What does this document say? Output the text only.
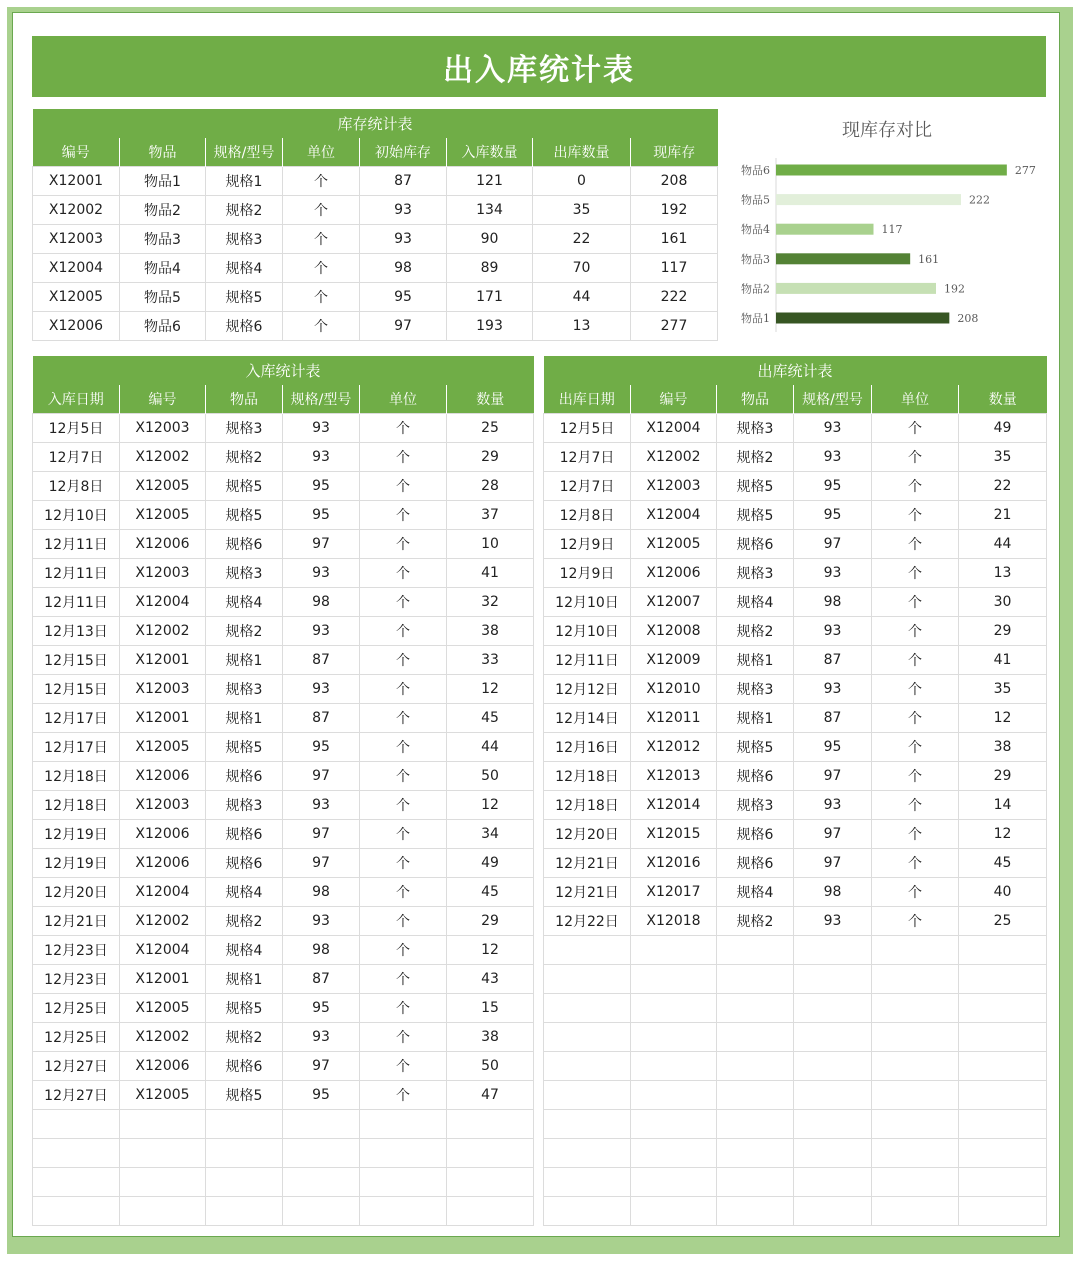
出入库统计表
库存统计表							
编号	物品	规格/型号	单位	初始库存	入库数量	出库数量	现库存
X12001	物品1	规格1	个	87	121	0	208
X12002	物品2	规格2	个	93	134	35	192
X12003	物品3	规格3	个	93	90	22	161
X12004	物品4	规格4	个	98	89	70	117
X12005	物品5	规格5	个	95	171	44	222
X12006	物品6	规格6	个	97	193	13	277
现库存对比
物品6	277
物品5	222
物品4	117
物品3	161
物品2	192
物品1	208
入库统计表					
入库日期	编号	物品	规格/型号	单位	数量
12月5日	X12003	规格3	93	个	25
12月7日	X12002	规格2	93	个	29
12月8日	X12005	规格5	95	个	28
12月10日	X12005	规格5	95	个	37
12月11日	X12006	规格6	97	个	10
12月11日	X12003	规格3	93	个	41
12月11日	X12004	规格4	98	个	32
12月13日	X12002	规格2	93	个	38
12月15日	X12001	规格1	87	个	33
12月15日	X12003	规格3	93	个	12
12月17日	X12001	规格1	87	个	45
12月17日	X12005	规格5	95	个	44
12月18日	X12006	规格6	97	个	50
12月18日	X12003	规格3	93	个	12
12月19日	X12006	规格6	97	个	34
12月19日	X12006	规格6	97	个	49
12月20日	X12004	规格4	98	个	45
12月21日	X12002	规格2	93	个	29
12月23日	X12004	规格4	98	个	12
12月23日	X12001	规格1	87	个	43
12月25日	X12005	规格5	95	个	15
12月25日	X12002	规格2	93	个	38
12月27日	X12006	规格6	97	个	50
12月27日	X12005	规格5	95	个	47

出库统计表					
出库日期	编号	物品	规格/型号	单位	数量
12月5日	X12004	规格3	93	个	49
12月7日	X12002	规格2	93	个	35
12月7日	X12003	规格5	95	个	22
12月8日	X12004	规格5	95	个	21
12月9日	X12005	规格6	97	个	44
12月9日	X12006	规格3	93	个	13
12月10日	X12007	规格4	98	个	30
12月10日	X12008	规格2	93	个	29
12月11日	X12009	规格1	87	个	41
12月12日	X12010	规格3	93	个	35
12月14日	X12011	规格1	87	个	12
12月16日	X12012	规格5	95	个	38
12月18日	X12013	规格6	97	个	29
12月18日	X12014	规格3	93	个	14
12月20日	X12015	规格6	97	个	12
12月21日	X12016	规格6	97	个	45
12月21日	X12017	规格4	98	个	40
12月22日	X12018	规格2	93	个	25
